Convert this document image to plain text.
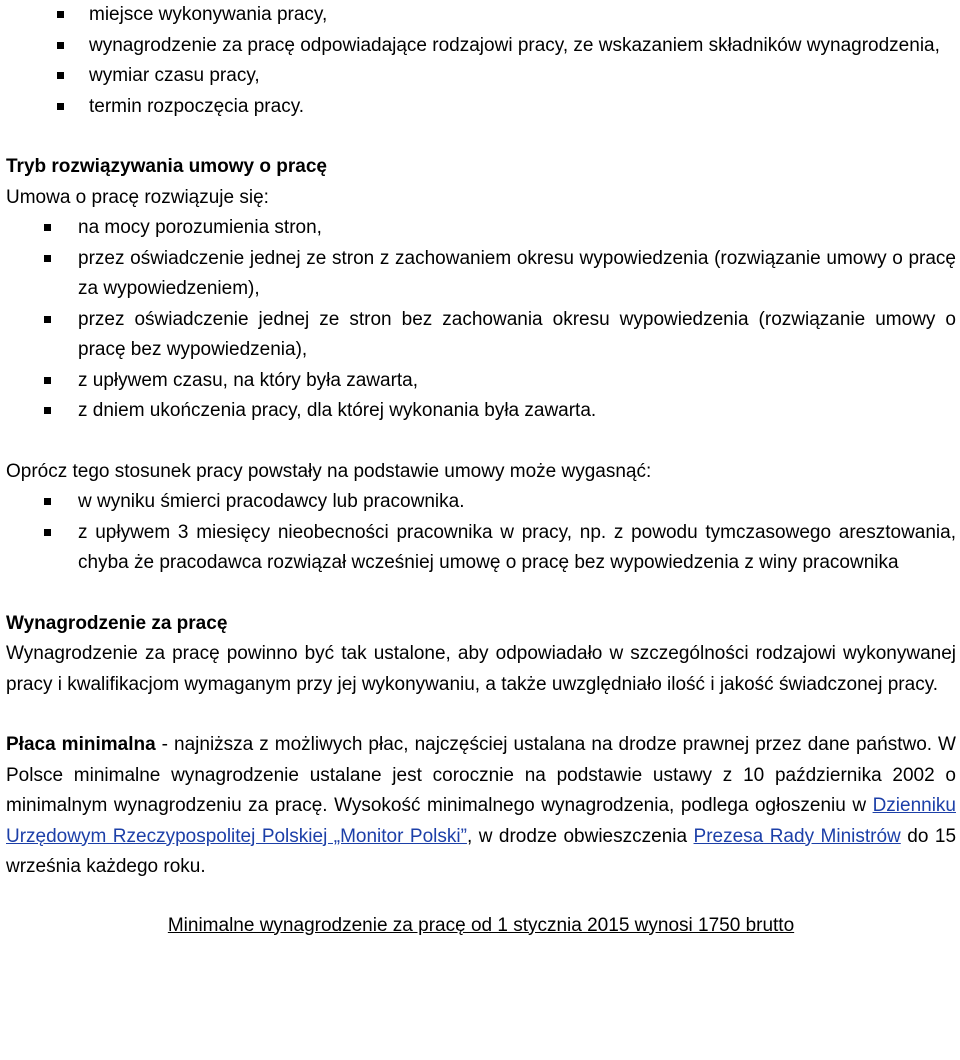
miejsce wykonywania pracy,
wynagrodzenie za pracę odpowiadające rodzajowi pracy, ze wskazaniem składników wynagrodzenia,
wymiar czasu pracy,
termin rozpoczęcia pracy.

Tryb rozwiązywania umowy o pracę

Umowa o pracę rozwiązuje się:

na mocy porozumienia stron,
przez oświadczenie jednej ze stron z zachowaniem okresu wypowiedzenia (rozwiązanie umowy o pracę za wypowiedzeniem),
przez oświadczenie jednej ze stron bez zachowania okresu wypowiedzenia (rozwiązanie umowy o pracę bez wypowiedzenia),
z upływem czasu, na który była zawarta,
z dniem ukończenia pracy, dla której wykonania była zawarta.

Oprócz tego stosunek pracy powstały na podstawie umowy może wygasnąć:

w wyniku śmierci pracodawcy lub pracownika.
z upływem 3 miesięcy nieobecności pracownika w pracy, np. z powodu tymczasowego aresztowania, chyba że pracodawca rozwiązał wcześniej umowę o pracę bez wypowiedzenia z winy pracownika

Wynagrodzenie za pracę

Wynagrodzenie za pracę powinno być tak ustalone, aby odpowiadało w szczególności rodzajowi wykonywanej pracy i kwalifikacjom wymaganym przy jej wykonywaniu, a także uwzględniało ilość i jakość świadczonej pracy.

Płaca minimalna - najniższa z możliwych płac, najczęściej ustalana na drodze prawnej przez dane państwo. W Polsce minimalne wynagrodzenie ustalane jest corocznie na podstawie ustawy z 10 października 2002 o minimalnym wynagrodzeniu za pracę. Wysokość minimalnego wynagrodzenia, podlega ogłoszeniu w Dzienniku Urzędowym Rzeczypospolitej Polskiej „Monitor Polski”, w drodze obwieszczenia Prezesa Rady Ministrów do 15 września każdego roku.

Minimalne wynagrodzenie za pracę od 1 stycznia 2015 wynosi 1750 brutto
